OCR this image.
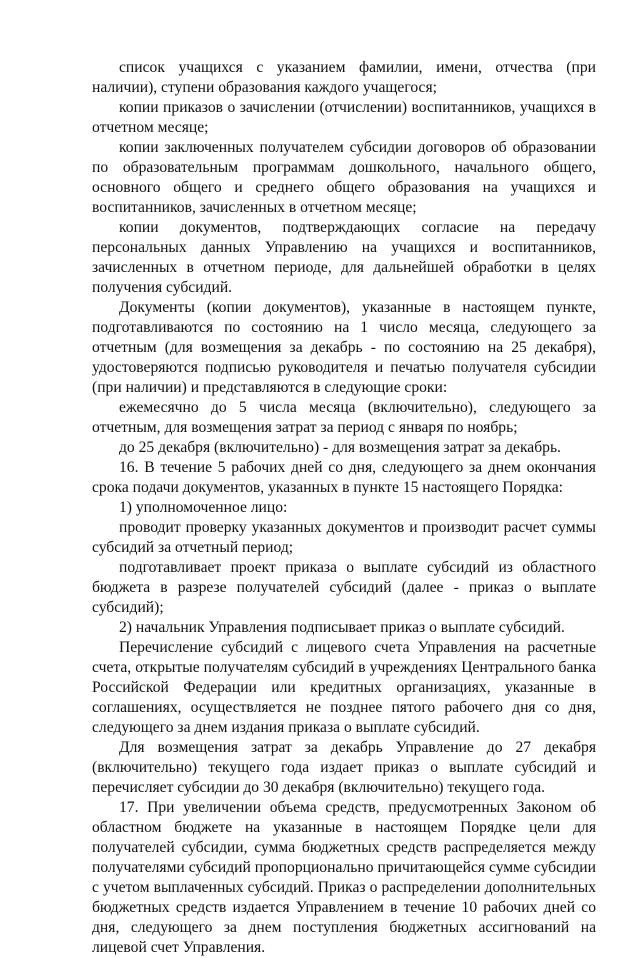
список учащихся с указанием фамилии, имени, отчества (при наличии), ступени образования каждого учащегося;

копии приказов о зачислении (отчислении) воспитанников, учащихся в отчетном месяце;

копии заключенных получателем субсидии договоров об образовании по образовательным программам дошкольного, начального общего, основного общего и среднего общего образования на учащихся и воспитанников, зачисленных в отчетном месяце;

копии документов, подтверждающих согласие на передачу персональных данных Управлению на учащихся и воспитанников, зачисленных в отчетном периоде, для дальнейшей обработки в целях получения субсидий.

Документы (копии документов), указанные в настоящем пункте, подготавливаются по состоянию на 1 число месяца, следующего за отчетным (для возмещения за декабрь - по состоянию на 25 декабря), удостоверяются подписью руководителя и печатью получателя субсидии (при наличии) и представляются в следующие сроки:

ежемесячно до 5 числа месяца (включительно), следующего за отчетным, для возмещения затрат за период с января по ноябрь;

до 25 декабря (включительно) - для возмещения затрат за декабрь.

16. В течение 5 рабочих дней со дня, следующего за днем окончания срока подачи документов, указанных в пункте 15 настоящего Порядка:

1) уполномоченное лицо:

проводит проверку указанных документов и производит расчет суммы субсидий за отчетный период;

подготавливает проект приказа о выплате субсидий из областного бюджета в разрезе получателей субсидий (далее - приказ о выплате субсидий);

2) начальник Управления подписывает приказ о выплате субсидий.

Перечисление субсидий с лицевого счета Управления на расчетные счета, открытые получателям субсидий в учреждениях Центрального банка Российской Федерации или кредитных организациях, указанные в соглашениях, осуществляется не позднее пятого рабочего дня со дня, следующего за днем издания приказа о выплате субсидий.

Для возмещения затрат за декабрь Управление до 27 декабря (включительно) текущего года издает приказ о выплате субсидий и перечисляет субсидии до 30 декабря (включительно) текущего года.

17. При увеличении объема средств, предусмотренных Законом об областном бюджете на указанные в настоящем Порядке цели для получателей субсидии, сумма бюджетных средств распределяется между получателями субсидий пропорционально причитающейся сумме субсидии с учетом выплаченных субсидий. Приказ о распределении дополнительных бюджетных средств издается Управлением в течение 10 рабочих дней со дня, следующего за днем поступления бюджетных ассигнований на лицевой счет Управления.
